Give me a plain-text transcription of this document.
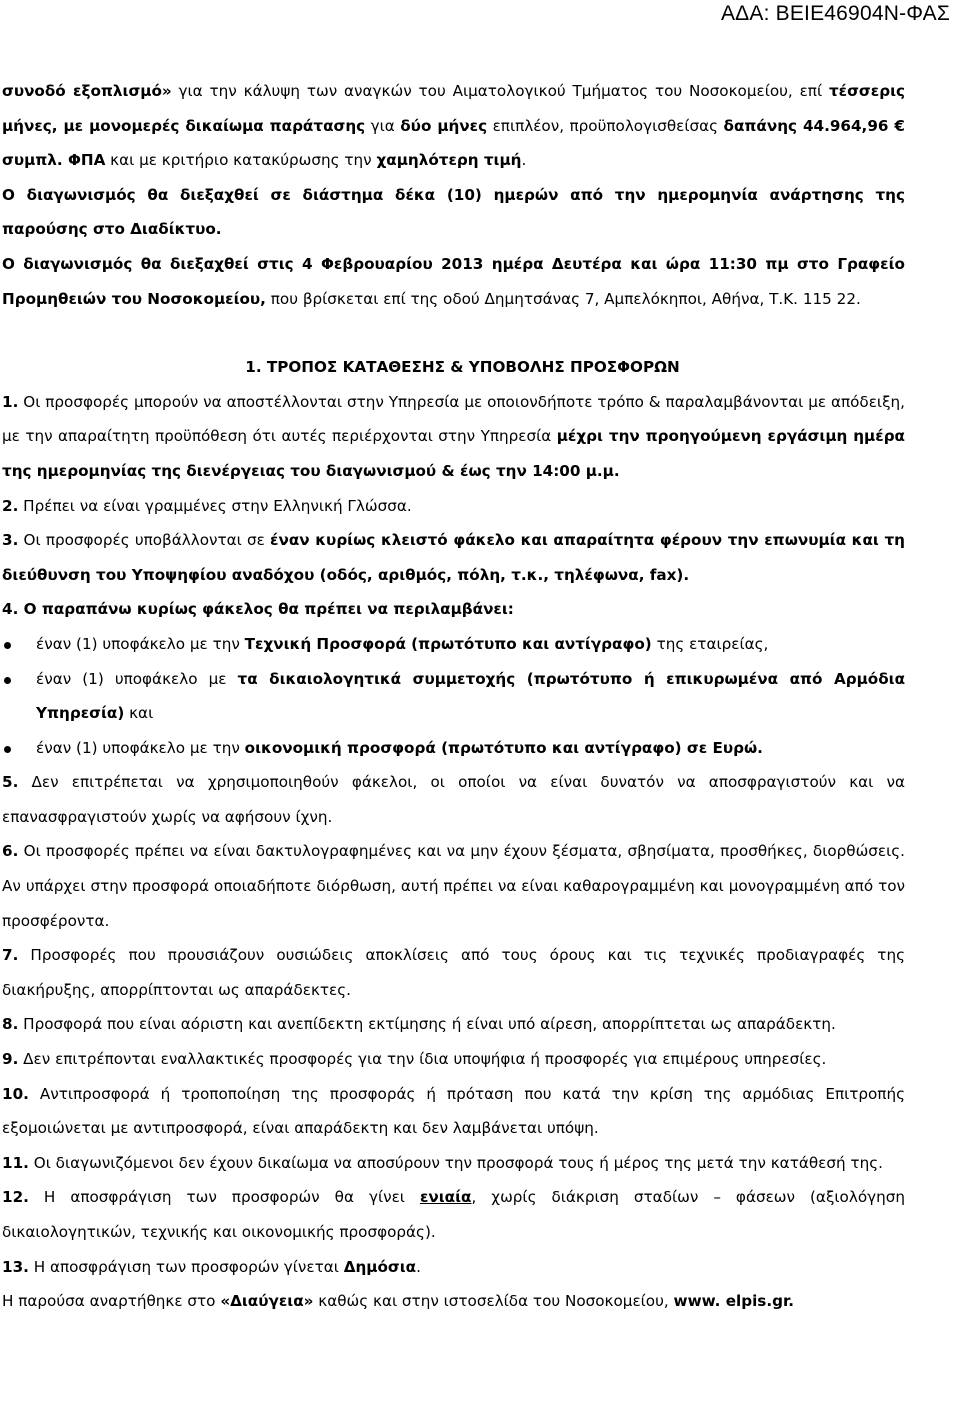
ΑΔΑ: ΒΕΙΕ46904Ν-ΦΑΣ

συνοδό εξοπλισμό» για την κάλυψη των αναγκών του Αιματολογικού Τμήματος του Νοσοκομείου, επί τέσσερις μήνες, με μονομερές δικαίωμα παράτασης για δύο μήνες επιπλέον, προϋπολογισθείσας δαπάνης 44.964,96 € συμπλ. ΦΠΑ και με κριτήριο κατακύρωσης την χαμηλότερη τιμή.

Ο διαγωνισμός θα διεξαχθεί σε διάστημα δέκα (10) ημερών από την ημερομηνία ανάρτησης της παρούσης στο Διαδίκτυο.

Ο διαγωνισμός θα διεξαχθεί στις 4 Φεβρουαρίου 2013 ημέρα Δευτέρα και ώρα 11:30 πμ στο Γραφείο Προμηθειών του Νοσοκομείου, που βρίσκεται επί της οδού Δημητσάνας 7, Αμπελόκηποι, Αθήνα, Τ.Κ. 115 22.

1. ΤΡΟΠΟΣ ΚΑΤΑΘΕΣΗΣ & ΥΠΟΒΟΛΗΣ ΠΡΟΣΦΟΡΩΝ

1. Οι προσφορές μπορούν να αποστέλλονται στην Υπηρεσία με οποιονδήποτε τρόπο & παραλαμβάνονται με απόδειξη, με την απαραίτητη προϋπόθεση ότι αυτές περιέρχονται στην Υπηρεσία μέχρι την προηγούμενη εργάσιμη ημέρα της ημερομηνίας της διενέργειας του διαγωνισμού & έως την 14:00 μ.μ.

2. Πρέπει να είναι γραμμένες στην Ελληνική Γλώσσα.

3. Οι προσφορές υποβάλλονται σε έναν κυρίως κλειστό φάκελο και απαραίτητα φέρουν την επωνυμία και τη διεύθυνση του Υποψηφίου αναδόχου (οδός, αριθμός, πόλη, τ.κ., τηλέφωνα, fax).

4. Ο παραπάνω κυρίως φάκελος θα πρέπει να περιλαμβάνει:

έναν (1) υποφάκελο με την Τεχνική Προσφορά (πρωτότυπο και αντίγραφο) της εταιρείας,
έναν (1) υποφάκελο με τα δικαιολογητικά συμμετοχής (πρωτότυπο ή επικυρωμένα από Αρμόδια Υπηρεσία) και
έναν (1) υποφάκελο με την οικονομική προσφορά (πρωτότυπο και αντίγραφο) σε Ευρώ.

5. Δεν επιτρέπεται να χρησιμοποιηθούν φάκελοι, οι οποίοι να είναι δυνατόν να αποσφραγιστούν και να επανασφραγιστούν χωρίς να αφήσουν ίχνη.

6. Οι προσφορές πρέπει να είναι δακτυλογραφημένες και να μην έχουν ξέσματα, σβησίματα, προσθήκες, διορθώσεις. Αν υπάρχει στην προσφορά οποιαδήποτε διόρθωση, αυτή πρέπει να είναι καθαρογραμμένη και μονογραμμένη από τον προσφέροντα.

7. Προσφορές που προυσιάζουν ουσιώδεις αποκλίσεις από τους όρους και τις τεχνικές προδιαγραφές της διακήρυξης, απορρίπτονται ως απαράδεκτες.

8. Προσφορά που είναι αόριστη και ανεπίδεκτη εκτίμησης ή είναι υπό αίρεση, απορρίπτεται ως απαράδεκτη.

9. Δεν επιτρέπονται εναλλακτικές προσφορές για την ίδια υποψήφια ή προσφορές για επιμέρους υπηρεσίες.

10. Αντιπροσφορά ή τροποποίηση της προσφοράς ή πρόταση που κατά την κρίση της αρμόδιας Επιτροπής εξομοιώνεται με αντιπροσφορά, είναι απαράδεκτη και δεν λαμβάνεται υπόψη.

11. Οι διαγωνιζόμενοι δεν έχουν δικαίωμα να αποσύρουν την προσφορά τους ή μέρος της μετά την κατάθεσή της.

12. Η αποσφράγιση των προσφορών θα γίνει ενιαία, χωρίς διάκριση σταδίων – φάσεων (αξιολόγηση δικαιολογητικών, τεχνικής και οικονομικής προσφοράς).

13. Η αποσφράγιση των προσφορών γίνεται Δημόσια.

Η παρούσα αναρτήθηκε στο «Διαύγεια» καθώς και στην ιστοσελίδα του Νοσοκομείου, www. elpis.gr.
